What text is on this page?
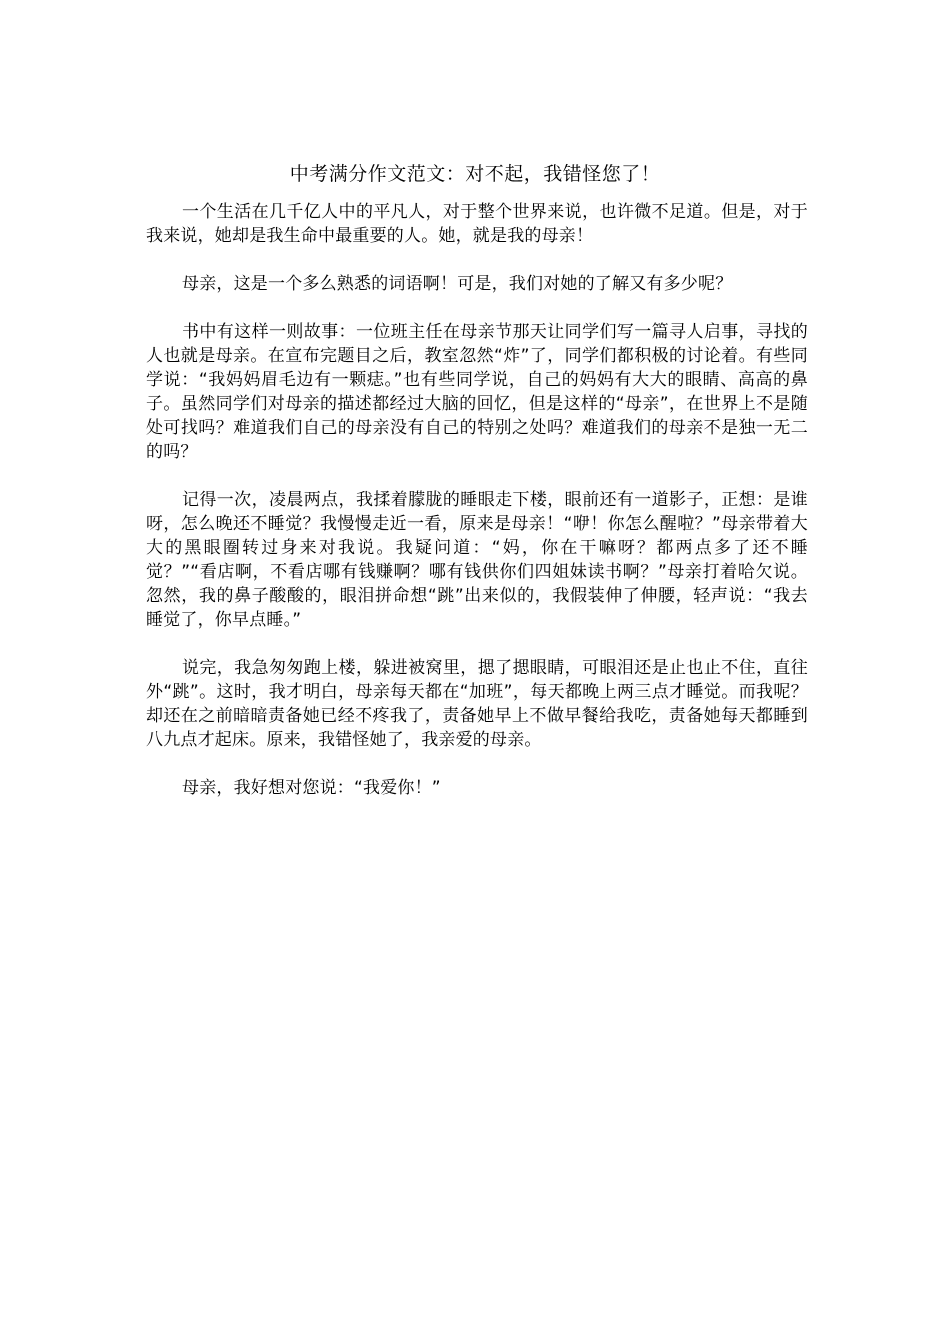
中考满分作文范文：对不起，我错怪您了！

一个生活在几千亿人中的平凡人，对于整个世界来说，也许微不足道。但是，对于我来说，她却是我生命中最重要的人。她，就是我的母亲！

母亲，这是一个多么熟悉的词语啊！可是，我们对她的了解又有多少呢？

书中有这样一则故事：一位班主任在母亲节那天让同学们写一篇寻人启事，寻找的人也就是母亲。在宣布完题目之后，教室忽然“炸”了，同学们都积极的讨论着。有些同学说：“我妈妈眉毛边有一颗痣。”也有些同学说，自己的妈妈有大大的眼睛、高高的鼻子。虽然同学们对母亲的描述都经过大脑的回忆，但是这样的“母亲”，在世界上不是随处可找吗？难道我们自己的母亲没有自己的特别之处吗？难道我们的母亲不是独一无二的吗？

记得一次，凌晨两点，我揉着朦胧的睡眼走下楼，眼前还有一道影子，正想：是谁呀，怎么晚还不睡觉？我慢慢走近一看，原来是母亲！“咿！你怎么醒啦？”母亲带着大大的黑眼圈转过身来对我说。我疑问道：“妈，你在干嘛呀？都两点多了还不睡觉？”“看店啊，不看店哪有钱赚啊？哪有钱供你们四姐妹读书啊？”母亲打着哈欠说。忽然，我的鼻子酸酸的，眼泪拼命想“跳”出来似的，我假装伸了伸腰，轻声说：“我去睡觉了，你早点睡。”

说完，我急匆匆跑上楼，躲进被窝里，揌了揌眼睛，可眼泪还是止也止不住，直往外“跳”。这时，我才明白，母亲每天都在“加班”，每天都晚上两三点才睡觉。而我呢？却还在之前暗暗责备她已经不疼我了，责备她早上不做早餐给我吃，责备她每天都睡到八九点才起床。原来，我错怪她了，我亲爱的母亲。

母亲，我好想对您说：“我爱你！”
